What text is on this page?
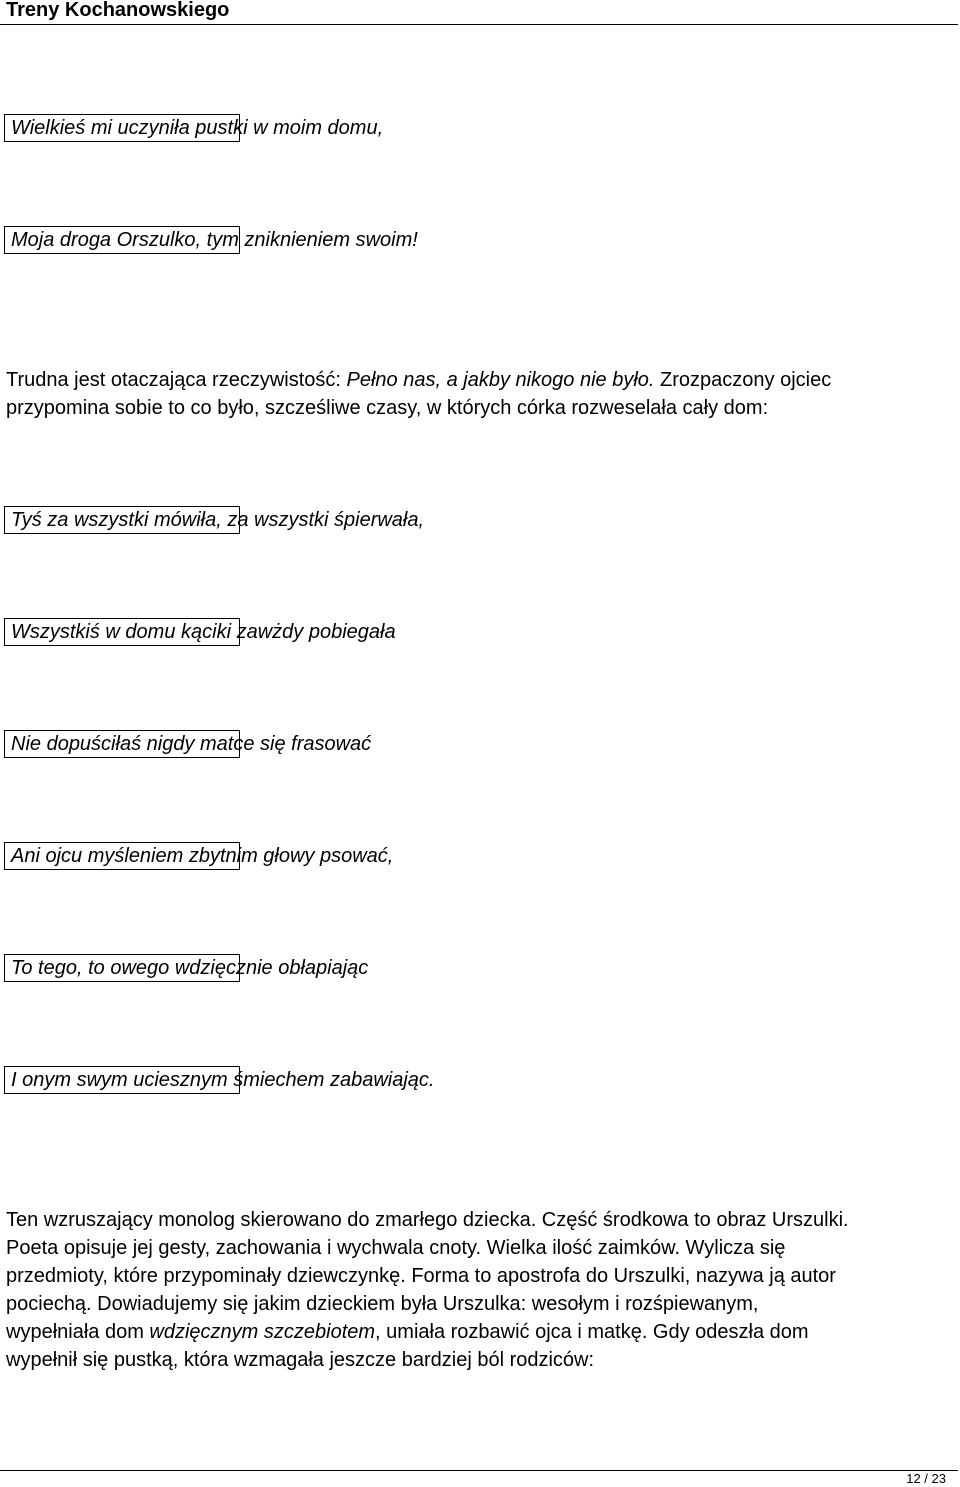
Treny Kochanowskiego
Wielkieś mi uczyniła pustki w moim domu,
Moja droga Orszulko, tym zniknieniem swoim!
Trudna jest otaczająca rzeczywistość: Pełno nas, a jakby nikogo nie było. Zrozpaczony ojciec
przypomina sobie to co było, szcześliwe czasy, w których córka rozweselała cały dom:
Tyś za wszystki mówiła, za wszystki śpierwała,
Wszystkiś w domu kąciki zawżdy pobiegała
Nie dopuściłaś nigdy matce się frasować
Ani ojcu myśleniem zbytnim głowy psować,
To tego, to owego wdzięcznie obłapiając
I onym swym uciesznym śmiechem zabawiając.
Ten wzruszający monolog skierowano do zmarłego dziecka. Część środkowa to obraz Urszulki.
Poeta opisuje jej gesty, zachowania i wychwala cnoty. Wielka ilość zaimków. Wylicza się
przedmioty, które przypominały dziewczynkę. Forma to apostrofa do Urszulki, nazywa ją autor
pociechą. Dowiadujemy się jakim dzieckiem była Urszulka: wesołym i rozśpiewanym,
wypełniała dom wdzięcznym szczebiotem, umiała rozbawić ojca i matkę. Gdy odeszła dom
wypełnił się pustką, która wzmagała jeszcze bardziej ból rodziców:
12 / 23
